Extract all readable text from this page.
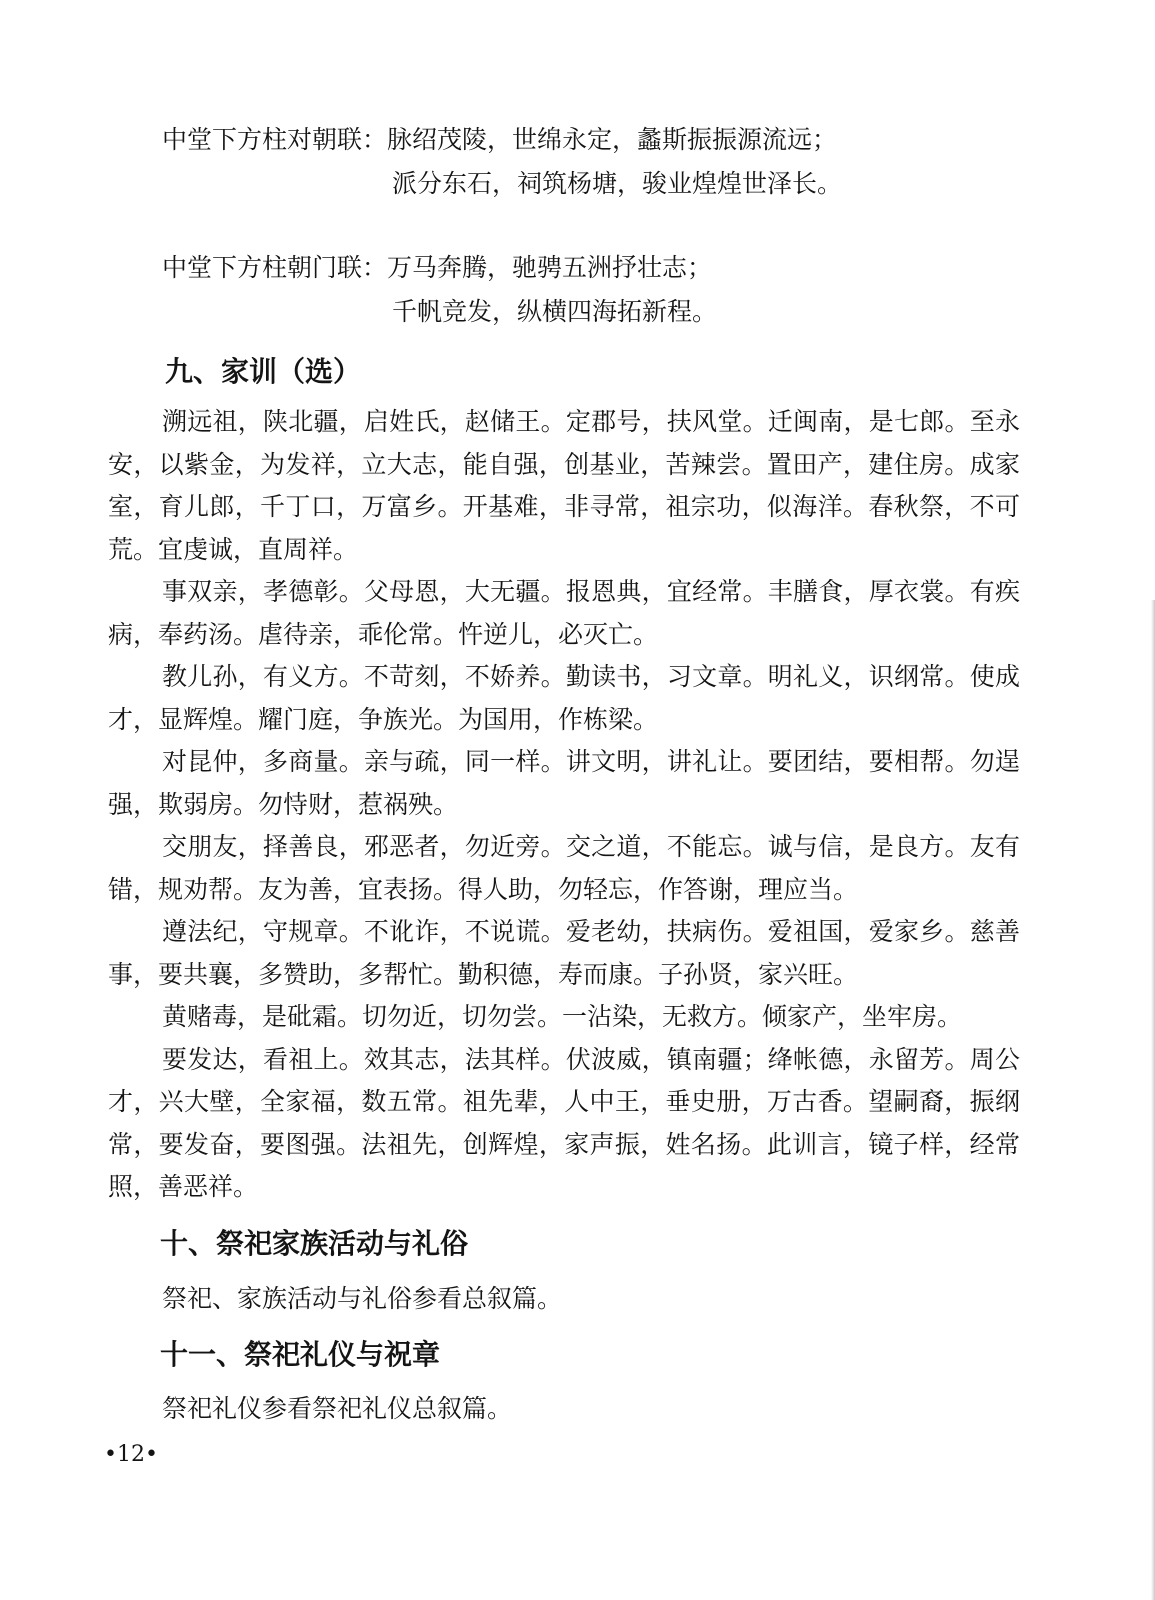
中堂下方柱对朝联：脉绍茂陵，世绵永定，蠡斯振振源流远；
派分东石，祠筑杨塘，骏业煌煌世泽长。
中堂下方柱朝门联：万马奔腾，驰骋五洲抒壮志；
千帆竞发，纵横四海拓新程。
九、家训（选）

溯远祖，陕北疆，启姓氏，赵储王。定郡号，扶风堂。迁闽南，是七郎。至永安，以紫金，为发祥，立大志，能自强，创基业，苦辣尝。置田产，建住房。成家室，育儿郎，千丁口，万富乡。开基难，非寻常，祖宗功，似海洋。春秋祭，不可荒。宜虔诚，直周祥。

事双亲，孝德彰。父母恩，大无疆。报恩典，宜经常。丰膳食，厚衣裳。有疾病，奉药汤。虐待亲，乖伦常。忤逆儿，必灭亡。

教儿孙，有义方。不苛刻，不娇养。勤读书，习文章。明礼义，识纲常。使成才，显辉煌。耀门庭，争族光。为国用，作栋梁。

对昆仲，多商量。亲与疏，同一样。讲文明，讲礼让。要团结，要相帮。勿逞强，欺弱房。勿恃财，惹祸殃。

交朋友，择善良，邪恶者，勿近旁。交之道，不能忘。诚与信，是良方。友有错，规劝帮。友为善，宜表扬。得人助，勿轻忘，作答谢，理应当。

遵法纪，守规章。不讹诈，不说谎。爱老幼，扶病伤。爱祖国，爱家乡。慈善事，要共襄，多赞助，多帮忙。勤积德，寿而康。子孙贤，家兴旺。

黄赌毒，是砒霜。切勿近，切勿尝。一沾染，无救方。倾家产，坐牢房。

要发达，看祖上。效其志，法其样。伏波威，镇南疆；绛帐德，永留芳。周公才，兴大壁，全家福，数五常。祖先辈，人中王，垂史册，万古香。望嗣裔，振纲常，要发奋，要图强。法祖先，创辉煌，家声振，姓名扬。此训言，镜子样，经常照，善恶祥。

十、祭祀家族活动与礼俗
祭祀、家族活动与礼俗参看总叙篇。
十一、祭祀礼仪与祝章
祭祀礼仪参看祭祀礼仪总叙篇。
•12•
